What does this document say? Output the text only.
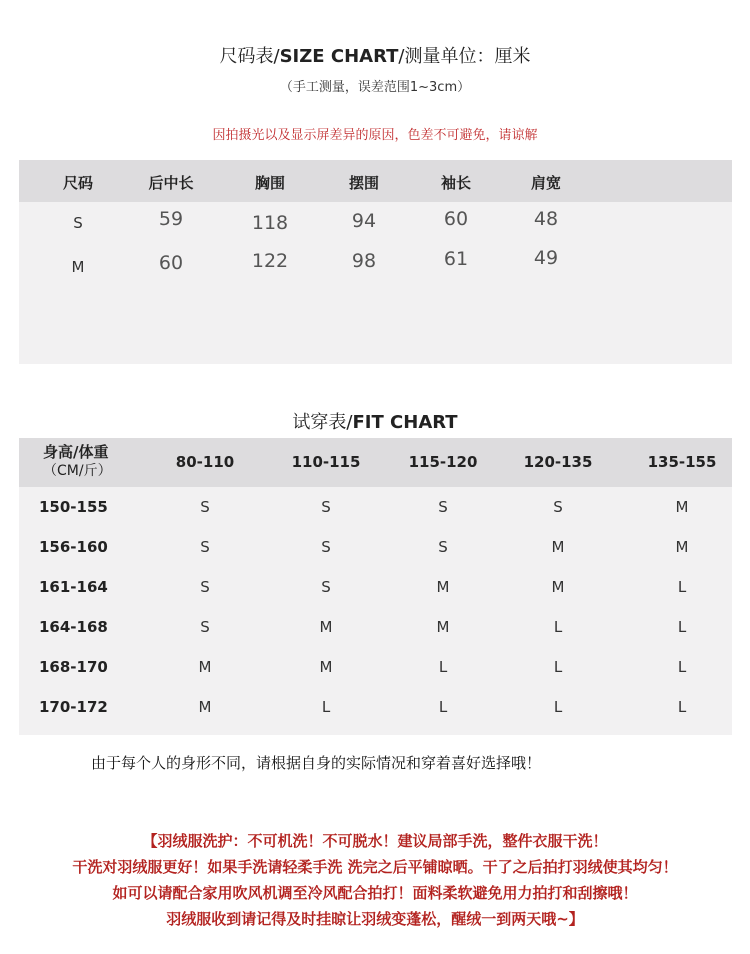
尺码表/SIZE CHART/测量单位：厘米
（手工测量，误差范围1~3cm）
因拍摄光以及显示屏差异的原因，色差不可避免，请谅解
尺码	后中长	胸围	摆围	袖长	肩宽
S	59	118	94	60	48
M	60	122	98	61	49
试穿表/FIT CHART
身高/体重
（CM/斤）	80-110	110-115	115-120	120-135	135-155
150-155	S	S	S	S	M
156-160	S	S	S	M	M
161-164	S	S	M	M	L
164-168	S	M	M	L	L
168-170	M	M	L	L	L
170-172	M	L	L	L	L
由于每个人的身形不同，请根据自身的实际情况和穿着喜好选择哦！
【羽绒服洗护：不可机洗！不可脱水！建议局部手洗，整件衣服干洗！
干洗对羽绒服更好！如果手洗请轻柔手洗 洗完之后平铺晾晒。干了之后拍打羽绒使其均匀！
如可以请配合家用吹风机调至冷风配合拍打！面料柔软避免用力拍打和刮擦哦！
羽绒服收到请记得及时挂晾让羽绒变蓬松，醒绒一到两天哦~】
